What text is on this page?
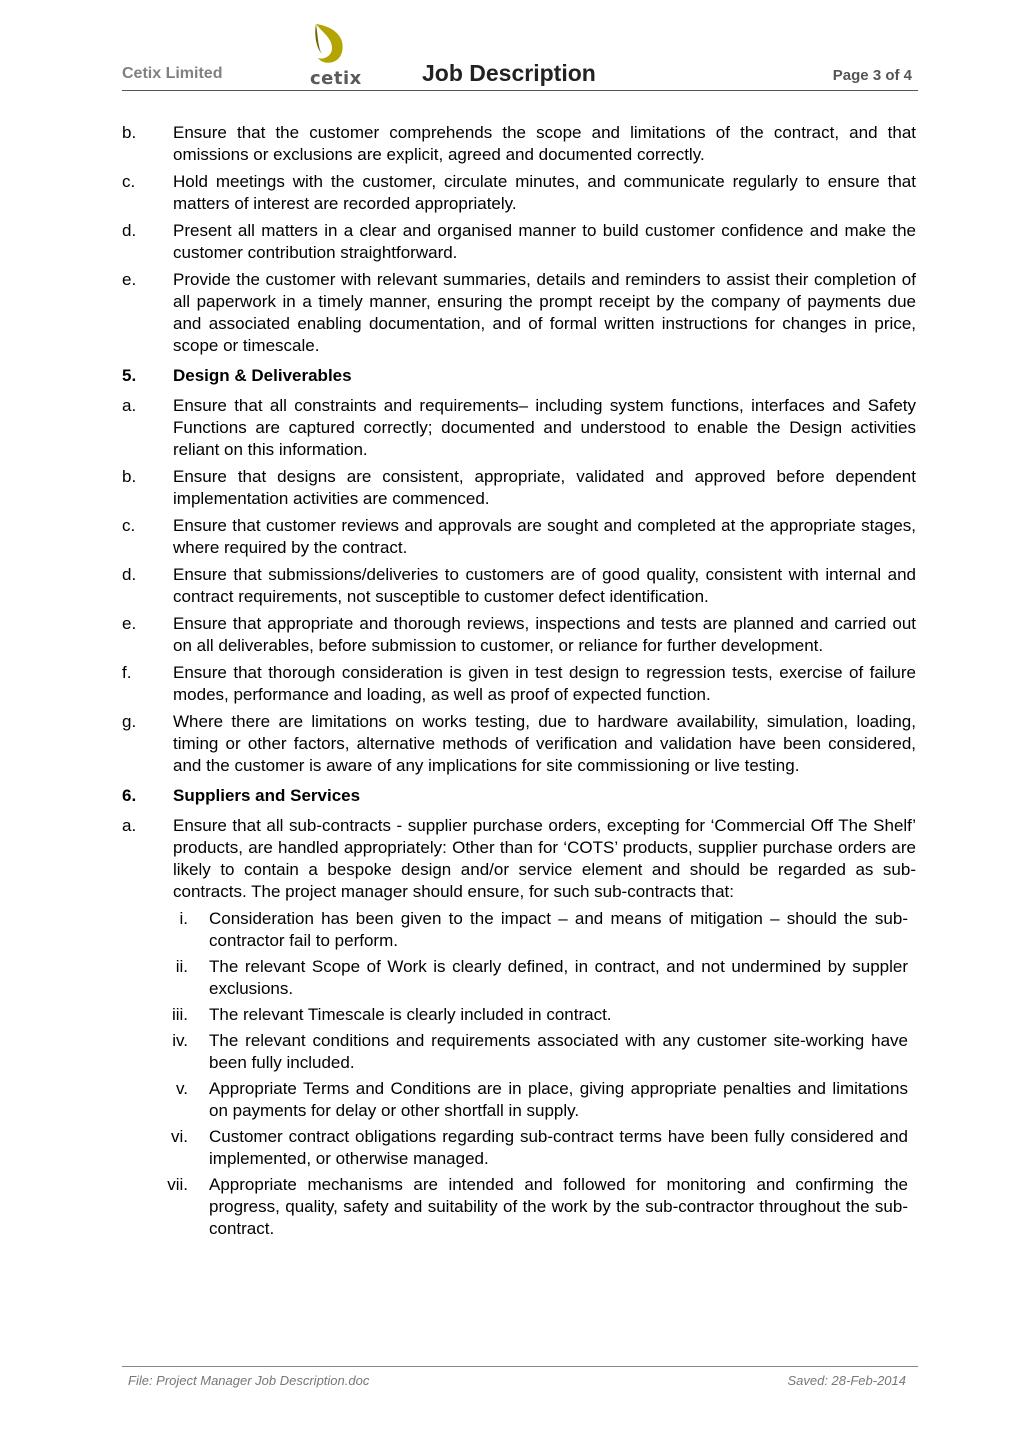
Cetix Limited	cetix	Job Description	Page 3 of 4
b. Ensure that the customer comprehends the scope and limitations of the contract, and that omissions or exclusions are explicit, agreed and documented correctly.
c. Hold meetings with the customer, circulate minutes, and communicate regularly to ensure that matters of interest are recorded appropriately.
d. Present all matters in a clear and organised manner to build customer confidence and make the customer contribution straightforward.
e. Provide the customer with relevant summaries, details and reminders to assist their completion of all paperwork in a timely manner, ensuring the prompt receipt by the company of payments due and associated enabling documentation, and of formal written instructions for changes in price, scope or timescale.
5. Design & Deliverables
a. Ensure that all constraints and requirements– including system functions, interfaces and Safety Functions are captured correctly; documented and understood to enable the Design activities reliant on this information.
b. Ensure that designs are consistent, appropriate, validated and approved before dependent implementation activities are commenced.
c. Ensure that customer reviews and approvals are sought and completed at the appropriate stages, where required by the contract.
d. Ensure that submissions/deliveries to customers are of good quality, consistent with internal and contract requirements, not susceptible to customer defect identification.
e. Ensure that appropriate and thorough reviews, inspections and tests are planned and carried out on all deliverables, before submission to customer, or reliance for further development.
f. Ensure that thorough consideration is given in test design to regression tests, exercise of failure modes, performance and loading, as well as proof of expected function.
g. Where there are limitations on works testing, due to hardware availability, simulation, loading, timing or other factors, alternative methods of verification and validation have been considered, and the customer is aware of any implications for site commissioning or live testing.
6. Suppliers and Services
a. Ensure that all sub-contracts - supplier purchase orders, excepting for ‘Commercial Off The Shelf’ products, are handled appropriately: Other than for ‘COTS’ products, supplier purchase orders are likely to contain a bespoke design and/or service element and should be regarded as sub-contracts. The project manager should ensure, for such sub-contracts that:
i. Consideration has been given to the impact – and means of mitigation – should the sub-contractor fail to perform.
ii. The relevant Scope of Work is clearly defined, in contract, and not undermined by suppler exclusions.
iii. The relevant Timescale is clearly included in contract.
iv. The relevant conditions and requirements associated with any customer site-working have been fully included.
v. Appropriate Terms and Conditions are in place, giving appropriate penalties and limitations on payments for delay or other shortfall in supply.
vi. Customer contract obligations regarding sub-contract terms have been fully considered and implemented, or otherwise managed.
vii. Appropriate mechanisms are intended and followed for monitoring and confirming the progress, quality, safety and suitability of the work by the sub-contractor throughout the sub-contract.
File: Project Manager Job Description.doc	Saved: 28-Feb-2014
